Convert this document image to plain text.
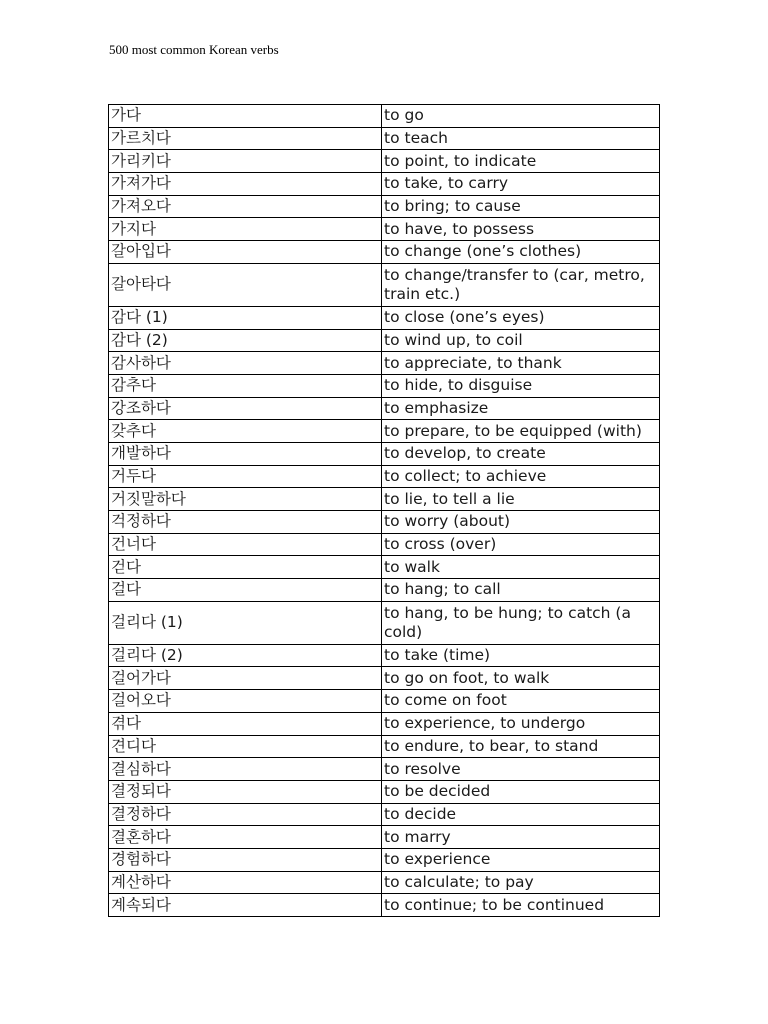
500 most common Korean verbs
가다	to go
가르치다	to teach
가리키다	to point, to indicate
가져가다	to take, to carry
가져오다	to bring; to cause
가지다	to have, to possess
갈아입다	to change (one’s clothes)
갈아타다	to change/transfer to (car, metro, train etc.)
감다 (1)	to close (one’s eyes)
감다 (2)	to wind up, to coil
감사하다	to appreciate, to thank
감추다	to hide, to disguise
강조하다	to emphasize
갖추다	to prepare, to be equipped (with)
개발하다	to develop, to create
거두다	to collect; to achieve
거짓말하다	to lie, to tell a lie
걱정하다	to worry (about)
건너다	to cross (over)
걷다	to walk
걸다	to hang; to call
걸리다 (1)	to hang, to be hung; to catch (a cold)
걸리다 (2)	to take (time)
걸어가다	to go on foot, to walk
걸어오다	to come on foot
겪다	to experience, to undergo
견디다	to endure, to bear, to stand
결심하다	to resolve
결정되다	to be decided
결정하다	to decide
결혼하다	to marry
경험하다	to experience
계산하다	to calculate; to pay
계속되다	to continue; to be continued
